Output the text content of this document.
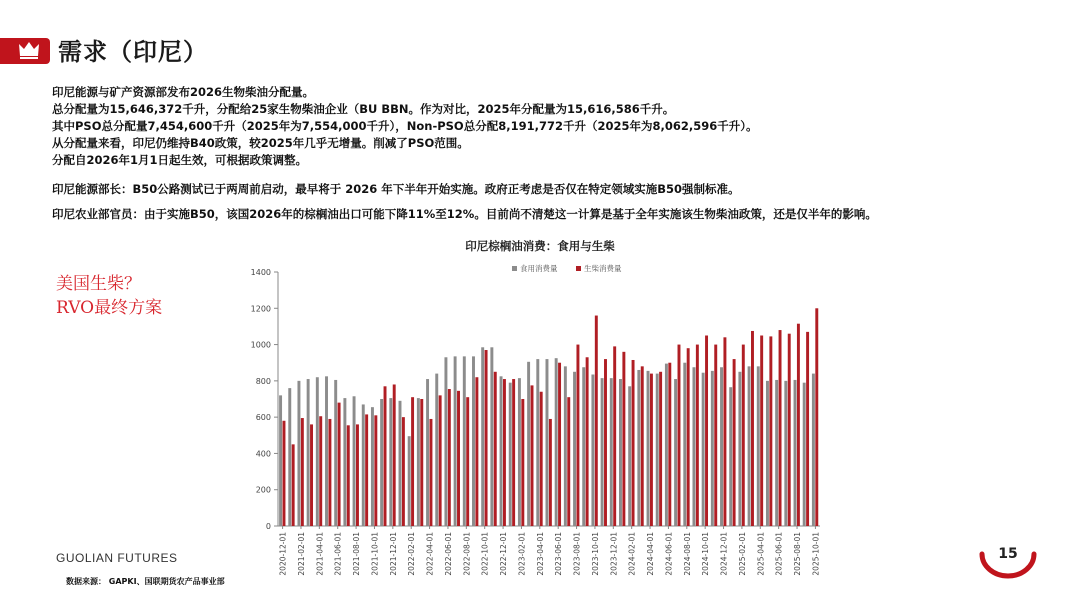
需求（印尼）
印尼能源与矿产资源部发布2026生物柴油分配量。
总分配量为15,646,372千升，分配给25家生物柴油企业（BU BBN。作为对比，2025年分配量为15,616,586千升。
其中PSO总分配量7,454,600千升（2025年为7,554,000千升），Non-PSO总分配8,191,772千升（2025年为8,062,596千升）。
从分配量来看，印尼仍维持B40政策，较2025年几乎无增量。削减了PSO范围。
分配自2026年1月1日起生效，可根据政策调整。
印尼能源部长：B50公路测试已于两周前启动，最早将于 2026 年下半年开始实施。政府正考虑是否仅在特定领域实施B50强制标准。
印尼农业部官员：由于实施B50，该国2026年的棕榈油出口可能下降11%至12%。目前尚不清楚这一计算是基于全年实施该生物柴油政策，还是仅半年的影响。
美国生柴？
RVO最终方案
印尼棕榈油消费：食用与生柴
0
200
400
600
800
1000
1200
1400
2020-12-01 2021-02-01 2021-04-01 2021-06-01 2021-08-01 2021-10-01 2021-12-01 2022-02-01 2022-04-01 2022-06-01 2022-08-01 2022-10-01 2022-12-01 2023-02-01 2023-04-01 2023-06-01 2023-08-01 2023-10-01 2023-12-01 2024-02-01 2024-04-01 2024-06-01 2024-08-01 2024-10-01 2024-12-01 2025-02-01 2025-04-01 2025-06-01 2025-08-01 2025-10-01
食用消费量	生柴消费量
GUOLIAN FUTURES
数据来源： GAPKI、国联期货农产品事业部
15
